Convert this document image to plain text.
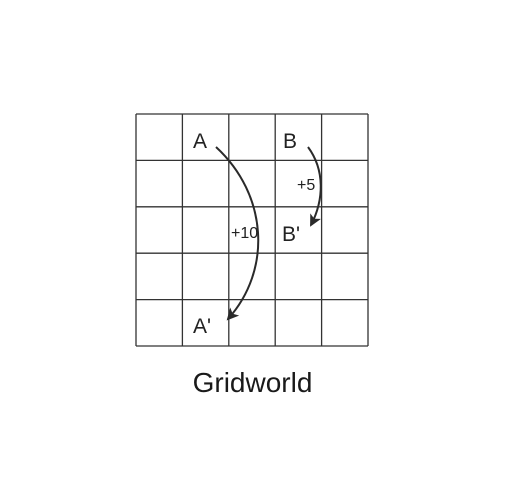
A
A'
B
B'
+10
+5
Gridworld
